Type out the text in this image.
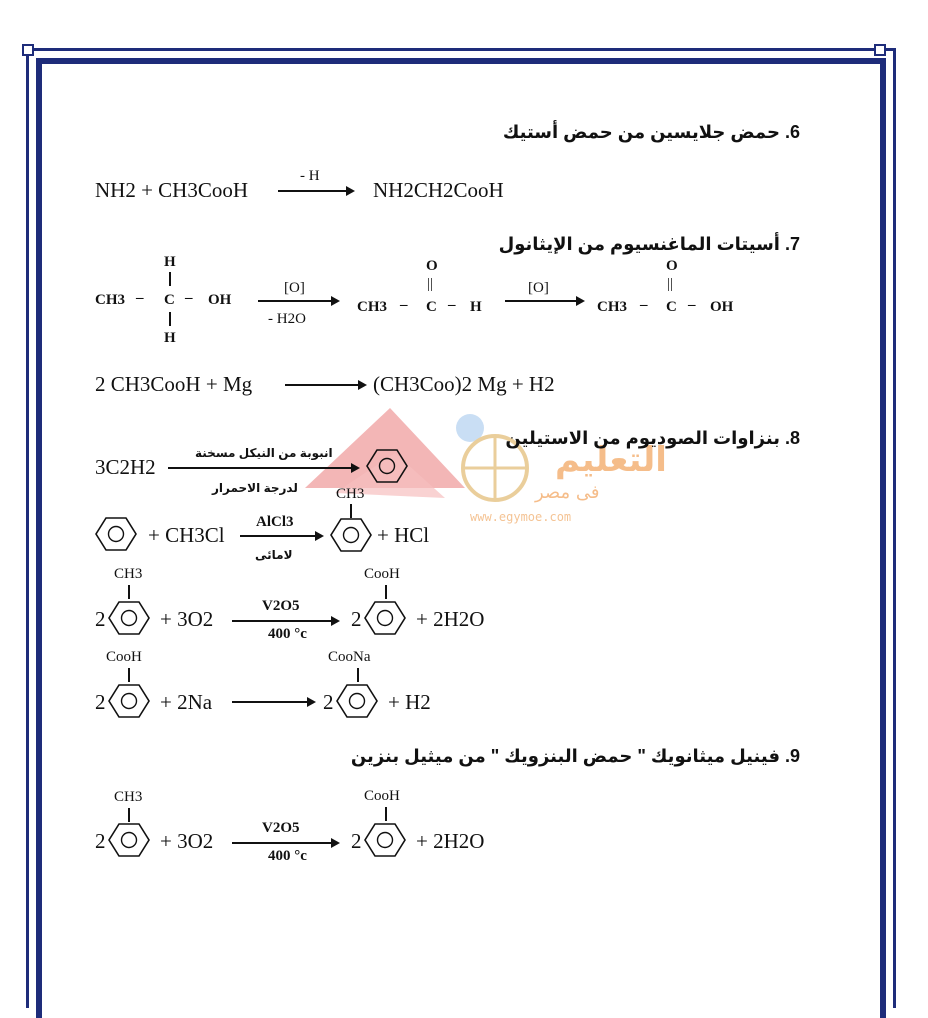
التعليم
فى مصر
www.egymoe.com
6. حمض جلايسين من حمض أستيك
NH2 + CH3CooH
- H
NH2CH2CooH
7. أسيتات الماغنسيوم من الإيثانول
H
CH3 – C – OH
H
[O]
- H2O
O
||
CH3 – C – H
[O]
O
||
CH3 – C – OH
2 CH3CooH + Mg	(CH3Coo)2 Mg + H2
8. بنزاوات الصوديوم من الاستيلين
3C2H2
انبوبة من النيكل مسخنة
لدرجة الاحمرار
+ CH3Cl
AlCl3
لامائى
CH3
+ HCl
CH3
2	+ 3O2
V2O5
400 °c
2
CooH
+ 2H2O
CooH
2	+ 2Na	2
CooNa
+ H2
9. فينيل ميثانويك " حمض البنزويك " من ميثيل بنزين
CH3
2	+ 3O2
V2O5
400 °c
2
CooH
+ 2H2O
